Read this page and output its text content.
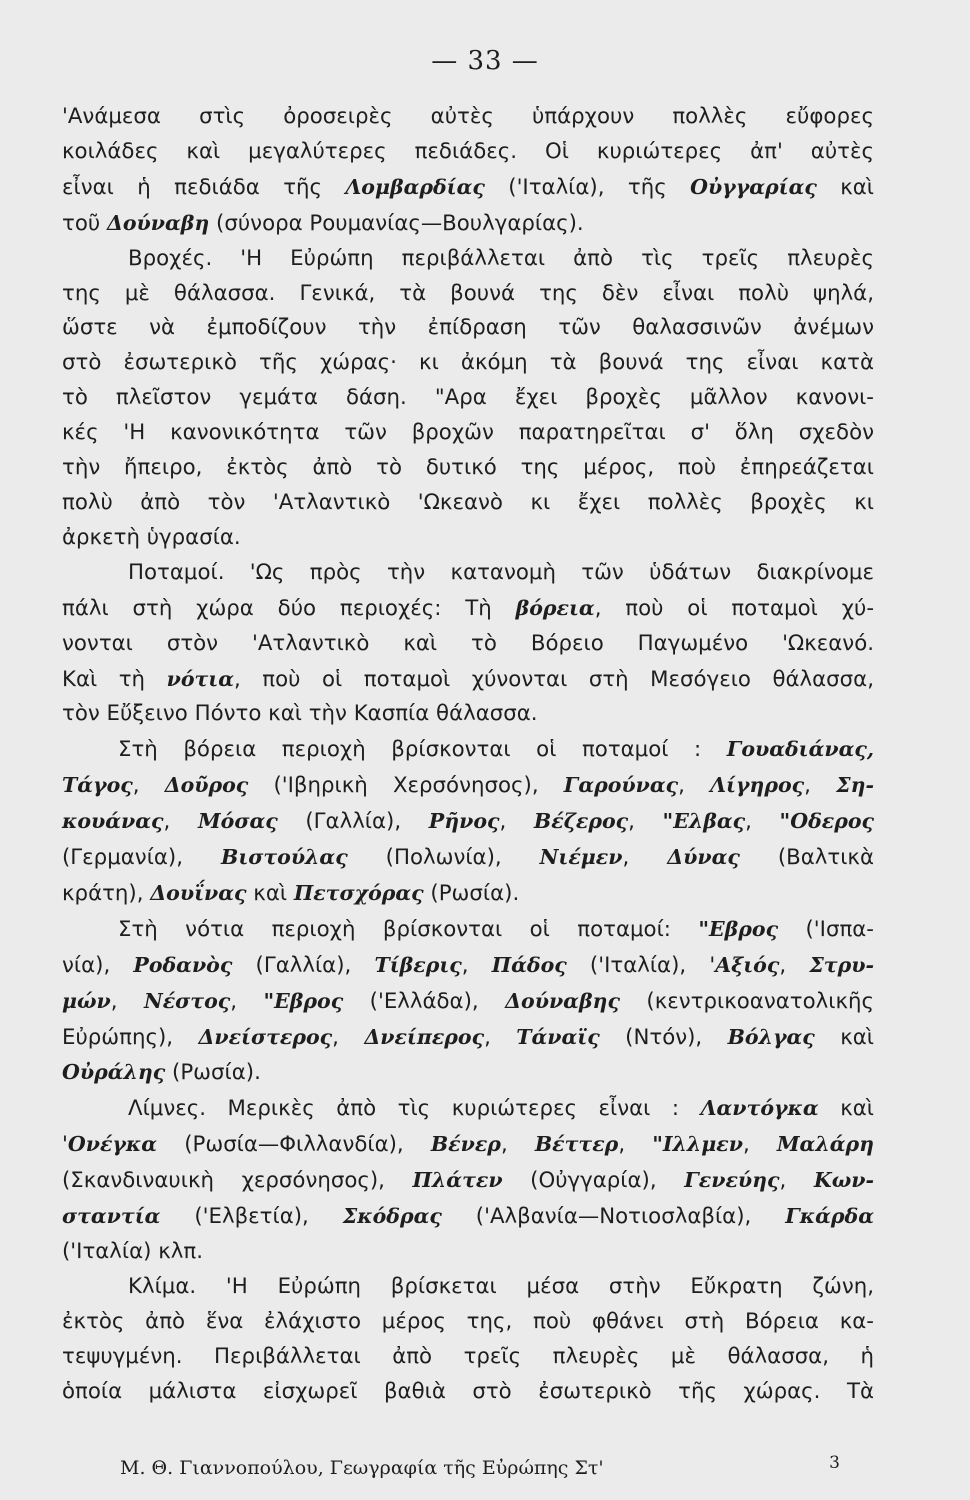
— 33 —
'Ανάμεσα στὶς ὀροσειρὲς αὐτὲς ὑπάρχουν πολλὲς εὔφορες
κοιλάδες καὶ μεγαλύτερες πεδιάδες. Οἱ κυριώτερες ἀπ' αὐτὲς
εἶναι ἡ πεδιάδα τῆς Λομβαρδίας ('Ιταλία), τῆς Οὐγγαρίας καὶ
τοῦ Δούναβη (σύνορα Ρουμανίας—Βουλγαρίας).
Βροχές. 'Η Εὐρώπη περιβάλλεται ἀπὸ τὶς τρεῖς πλευρὲς
της μὲ θάλασσα. Γενικά, τὰ βουνά της δὲν εἶναι πολὺ ψηλά,
ὥστε νὰ ἐμποδίζουν τὴν ἐπίδραση τῶν θαλασσινῶν ἀνέμων
στὸ ἐσωτερικὸ τῆς χώρας· κι ἀκόμη τὰ βουνά της εἶναι κατὰ
τὸ πλεῖστον γεμάτα δάση. "Αρα ἔχει βροχὲς μᾶλλον κανονι-
κές 'Η κανονικότητα τῶν βροχῶν παρατηρεῖται σ' ὅλη σχεδὸν
τὴν ἤπειρο, ἐκτὸς ἀπὸ τὸ δυτικό της μέρος, ποὺ ἐπηρεάζεται
πολὺ ἀπὸ τὸν 'Ατλαντικὸ 'Ωκεανὸ κι ἔχει πολλὲς βροχὲς κι
ἀρκετὴ ὑγρασία.
Ποταμοί. 'Ως πρὸς τὴν κατανομὴ τῶν ὑδάτων διακρίνομε
πάλι στὴ χώρα δύο περιοχές: Τὴ βόρεια, ποὺ οἱ ποταμοὶ χύ-
νονται στὸν 'Ατλαντικὸ καὶ τὸ Βόρειο Παγωμένο 'Ωκεανό.
Καὶ τὴ νότια, ποὺ οἱ ποταμοὶ χύνονται στὴ Μεσόγειο θάλασσα,
τὸν Εὔξεινο Πόντο καὶ τὴν Κασπία θάλασσα.
Στὴ βόρεια περιοχὴ βρίσκονται οἱ ποταμοί : Γουαδιάνας,
Τάγος, Δοῦρος ('Ιβηρικὴ Χερσόνησος), Γαρούνας, Λίγηρος, Ση-
κουάνας, Μόσας (Γαλλία), Ρῆνος, Βέζερος, "Ελβας, "Οδερος
(Γερμανία), Βιστούλας (Πολωνία), Νιέμεν, Δύνας (Βαλτικὰ
κράτη), Δουΐνας καὶ Πετσχόρας (Ρωσία).
Στὴ νότια περιοχὴ βρίσκονται οἱ ποταμοί: "Εβρος ('Ισπα-
νία), Ροδανὸς (Γαλλία), Τίβερις, Πάδος ('Ιταλία), 'Αξιός, Στρυ-
μών, Νέστος, "Εβρος ('Ελλάδα), Δούναβης (κεντρικοανατολικῆς
Εὐρώπης), Δνείστερος, Δνείπερος, Τάναϊς (Ντόν), Βόλγας καὶ
Οὐράλης (Ρωσία).
Λίμνες. Μερικὲς ἀπὸ τὶς κυριώτερες εἶναι : Λαντόγκα καὶ
'Ονέγκα (Ρωσία—Φιλλανδία), Βένερ, Βέττερ, "Ιλλμεν, Μαλάρη
(Σκανδιναυικὴ χερσόνησος), Πλάτεν (Οὐγγαρία), Γενεύης, Κων-
σταντία ('Ελβετία), Σκόδρας ('Αλβανία—Νοτιοσλαβία), Γκάρδα
('Ιταλία) κλπ.
Κλίμα. 'Η Εὐρώπη βρίσκεται μέσα στὴν Εὔκρατη ζώνη,
ἐκτὸς ἀπὸ ἕνα ἐλάχιστο μέρος της, ποὺ φθάνει στὴ Βόρεια κα-
τεψυγμένη. Περιβάλλεται ἀπὸ τρεῖς πλευρὲς μὲ θάλασσα, ἡ
ὁποία μάλιστα εἰσχωρεῖ βαθιὰ στὸ ἐσωτερικὸ τῆς χώρας. Τὰ
Μ. Θ. Γιαννοπούλου, Γεωγραφία τῆς Εὐρώπης Στ'	3
